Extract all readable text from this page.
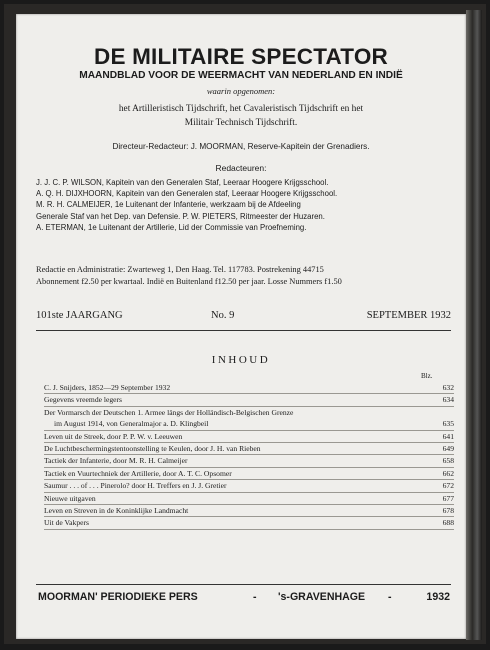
DE MILITAIRE SPECTATOR
MAANDBLAD VOOR DE WEERMACHT VAN NEDERLAND EN INDIË
waarin opgenomen:
het Artilleristisch Tijdschrift, het Cavaleristisch Tijdschrift en het
Militair Technisch Tijdschrift.
Directeur-Redacteur: J. MOORMAN, Reserve-Kapitein der Grenadiers.
Redacteuren:
J. J. C. P. WILSON, Kapitein van den Generalen Staf, Leeraar Hoogere Krijgsschool.
A. Q. H. DIJXHOORN, Kapitein van den Generalen staf, Leeraar Hoogere Krijgsschool.
M. R. H. CALMEIJER, 1e Luitenant der Infanterie, werkzaam bij de Afdeeling
Generale Staf van het Dep. van Defensie. P. W. PIETERS, Ritmeester der Huzaren.
A. ETERMAN, 1e Luitenant der Artillerie, Lid der Commissie van Proefneming.
Redactie en Administratie: Zwarteweg 1, Den Haag. Tel. 117783. Postrekening 44715
Abonnement f2.50 per kwartaal. Indië en Buitenland f12.50 per jaar. Losse Nummers f1.50
101ste JAARGANG	No. 9	SEPTEMBER 1932
INHOUD
Blz.
C. J. Snijders, 1852—29 September 1932	632
Gegevens vreemde legers	634
Der Vormarsch der Deutschen 1. Armee längs der Holländisch-Belgischen Grenze
im August 1914, von Generalmajor a. D. Klingbeil	635
Leven uit de Streek, door P. P. W. v. Leeuwen	641
De Luchtbeschermingstentoonstelling te Keulen, door J. H. van Rieben	649
Tactiek der Infanterie, door M. R. H. Calmeijer	658
Tactiek en Vuurtechniek der Artillerie, door A. T. C. Opsomer	662
Saumur . . . of . . . Pinerolo? door H. Treffers en J. J. Gretier	672
Nieuwe uitgaven	677
Leven en Streven in de Koninklijke Landmacht	678
Uit de Vakpers	688
MOORMAN' PERIODIEKE PERS	- 's-GRAVENHAGE -	1932
